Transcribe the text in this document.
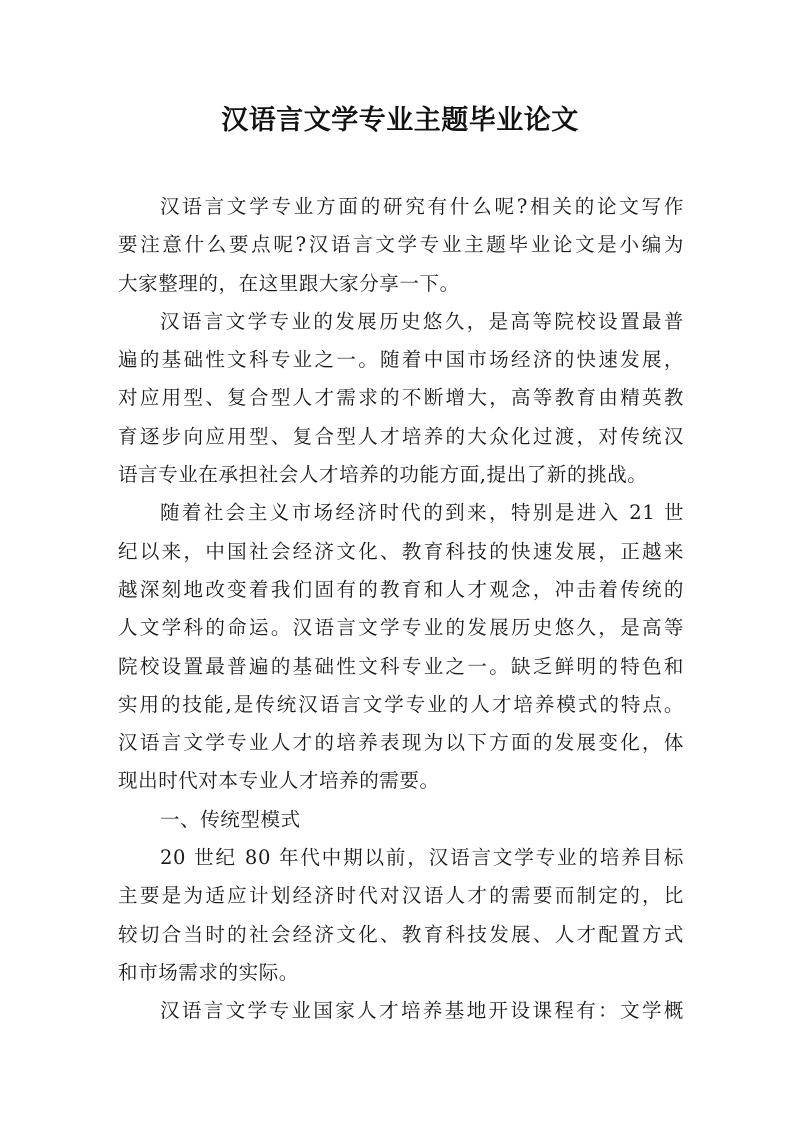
汉语言文学专业主题毕业论文
汉语言文学专业方面的研究有什么呢?相关的论文写作
要注意什么要点呢?汉语言文学专业主题毕业论文是小编为
大家整理的，在这里跟大家分享一下。
汉语言文学专业的发展历史悠久，是高等院校设置最普
遍的基础性文科专业之一。随着中国市场经济的快速发展，
对应用型、复合型人才需求的不断增大，高等教育由精英教
育逐步向应用型、复合型人才培养的大众化过渡，对传统汉
语言专业在承担社会人才培养的功能方面,提出了新的挑战。
随着社会主义市场经济时代的到来，特别是进入 21 世
纪以来，中国社会经济文化、教育科技的快速发展，正越来
越深刻地改变着我们固有的教育和人才观念，冲击着传统的
人文学科的命运。汉语言文学专业的发展历史悠久，是高等
院校设置最普遍的基础性文科专业之一。缺乏鲜明的特色和
实用的技能,是传统汉语言文学专业的人才培养模式的特点。
汉语言文学专业人才的培养表现为以下方面的发展变化，体
现出时代对本专业人才培养的需要。
一、传统型模式
20 世纪 80 年代中期以前，汉语言文学专业的培养目标
主要是为适应计划经济时代对汉语人才的需要而制定的，比
较切合当时的社会经济文化、教育科技发展、人才配置方式
和市场需求的实际。
汉语言文学专业国家人才培养基地开设课程有：文学概
